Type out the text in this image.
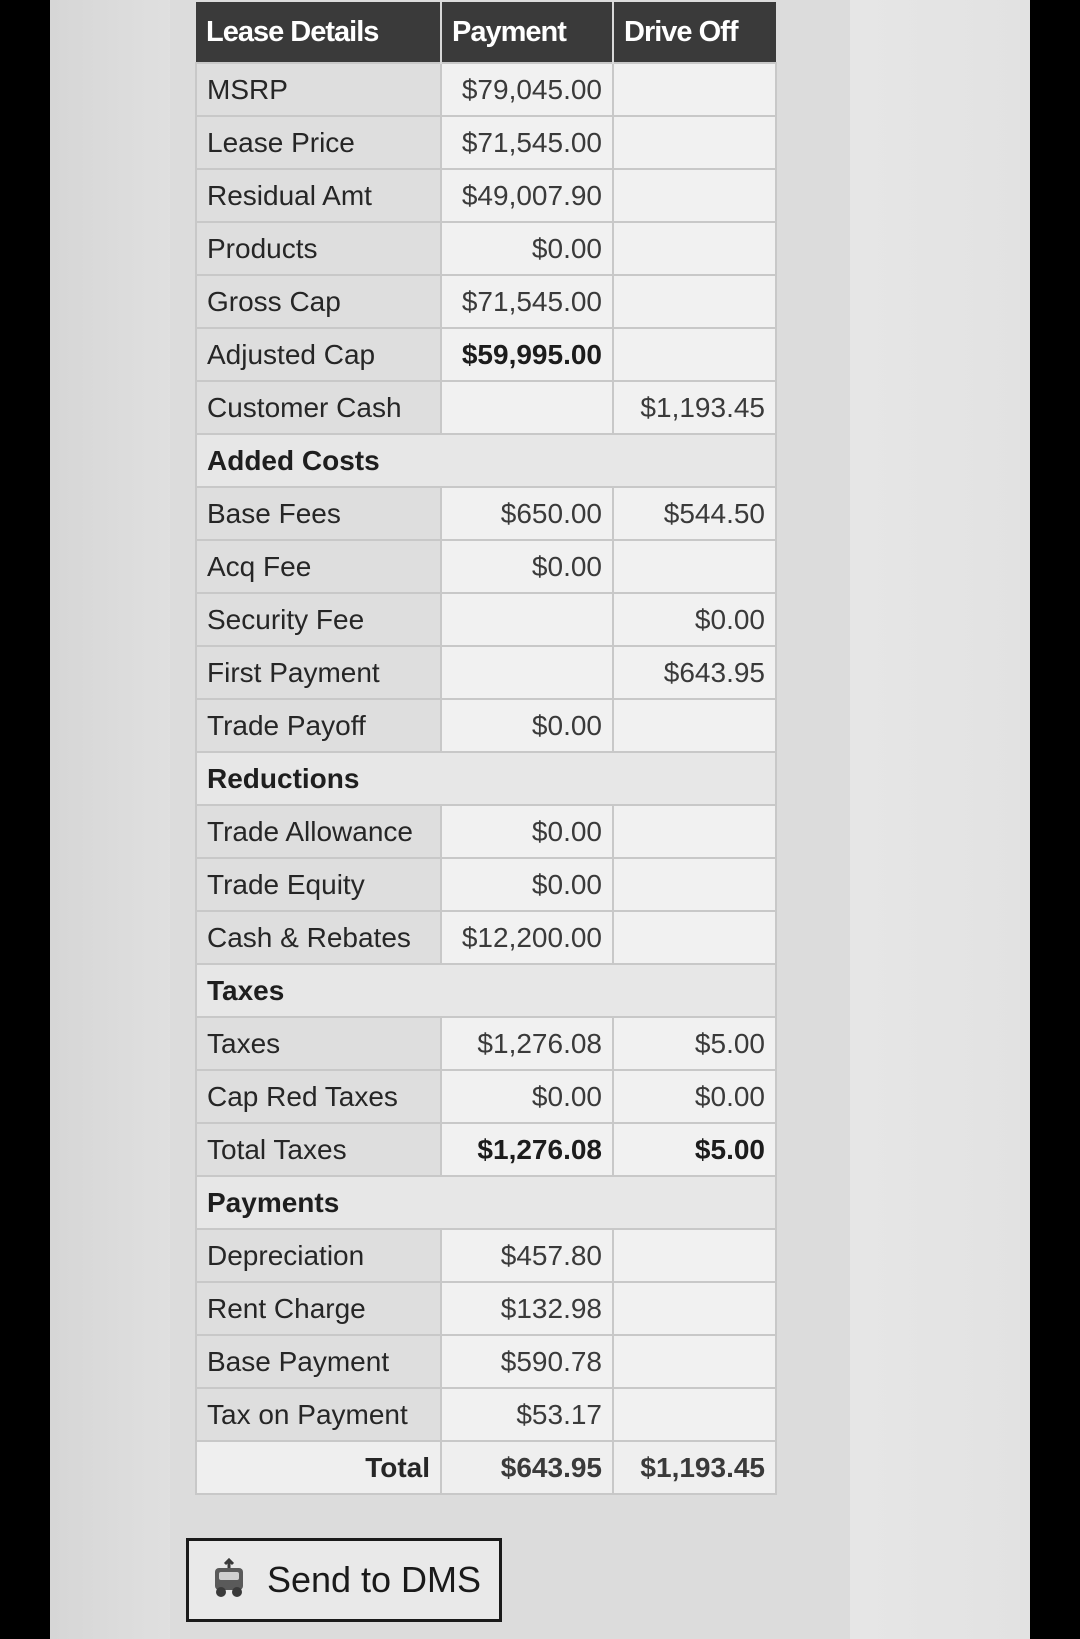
Lease Details	Payment	Drive Off
MSRP	$79,045.00	
Lease Price	$71,545.00	
Residual Amt	$49,007.90	
Products	$0.00	
Gross Cap	$71,545.00	
Adjusted Cap	$59,995.00	
Customer Cash		$1,193.45
Added Costs		
Base Fees	$650.00	$544.50
Acq Fee	$0.00	
Security Fee		$0.00
First Payment		$643.95
Trade Payoff	$0.00	
Reductions		
Trade Allowance	$0.00	
Trade Equity	$0.00	
Cash & Rebates	$12,200.00	
Taxes		
Taxes	$1,276.08	$5.00
Cap Red Taxes	$0.00	$0.00
Total Taxes	$1,276.08	$5.00
Payments		
Depreciation	$457.80	
Rent Charge	$132.98	
Base Payment	$590.78	
Tax on Payment	$53.17	
Total	$643.95	$1,193.45
Send to DMS
